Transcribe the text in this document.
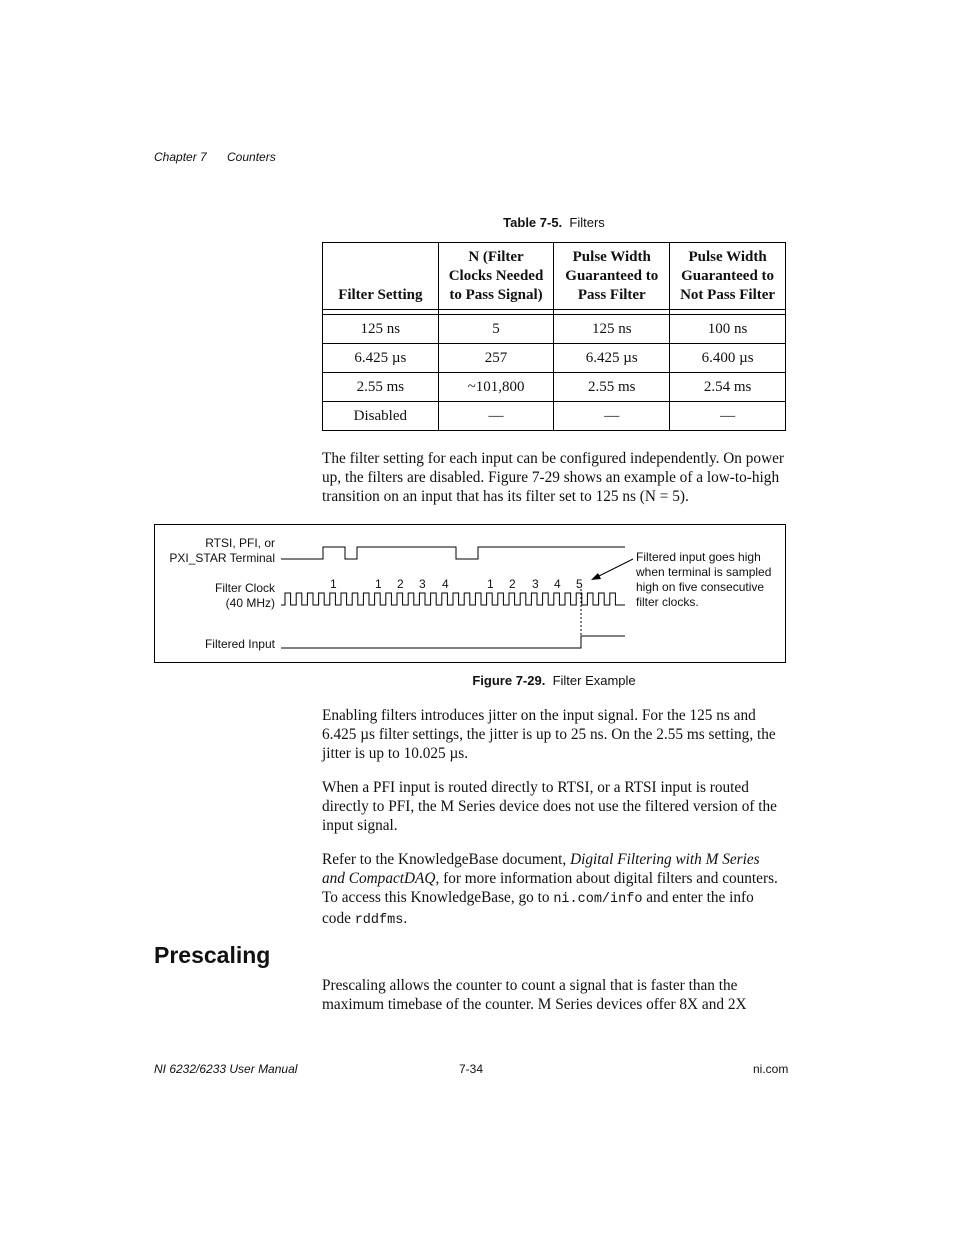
Chapter 7 Counters
Table 7-5. Filters
Filter Setting	N (Filter
Clocks Needed
to Pass Signal)	Pulse Width
Guaranteed to
Pass Filter	Pulse Width
Guaranteed to
Not Pass Filter

125 ns	5	125 ns	100 ns
6.425 µs	257	6.425 µs	6.400 µs
2.55 ms	~101,800	2.55 ms	2.54 ms
Disabled	—	—	—
The filter setting for each input can be configured independently. On power up, the filters are disabled. Figure 7-29 shows an example of a low-to-high transition on an input that has its filter set to 125 ns (N = 5).
RTSI, PFI, or
PXI_STAR Terminal
Filter Clock
(40 MHz)
Filtered Input
Filtered input goes high
when terminal is sampled
high on five consecutive
filter clocks.
1	1 2 3 4	1 2 3 4 5
Figure 7-29. Filter Example
Enabling filters introduces jitter on the input signal. For the 125 ns and 6.425 µs filter settings, the jitter is up to 25 ns. On the 2.55 ms setting, the jitter is up to 10.025 µs.
When a PFI input is routed directly to RTSI, or a RTSI input is routed directly to PFI, the M Series device does not use the filtered version of the input signal.
Refer to the KnowledgeBase document, Digital Filtering with M Series and CompactDAQ, for more information about digital filters and counters. To access this KnowledgeBase, go to ni.com/info and enter the info code rddfms.
Prescaling
Prescaling allows the counter to count a signal that is faster than the maximum timebase of the counter. M Series devices offer 8X and 2X
NI 6232/6233 User Manual	7-34	ni.com
